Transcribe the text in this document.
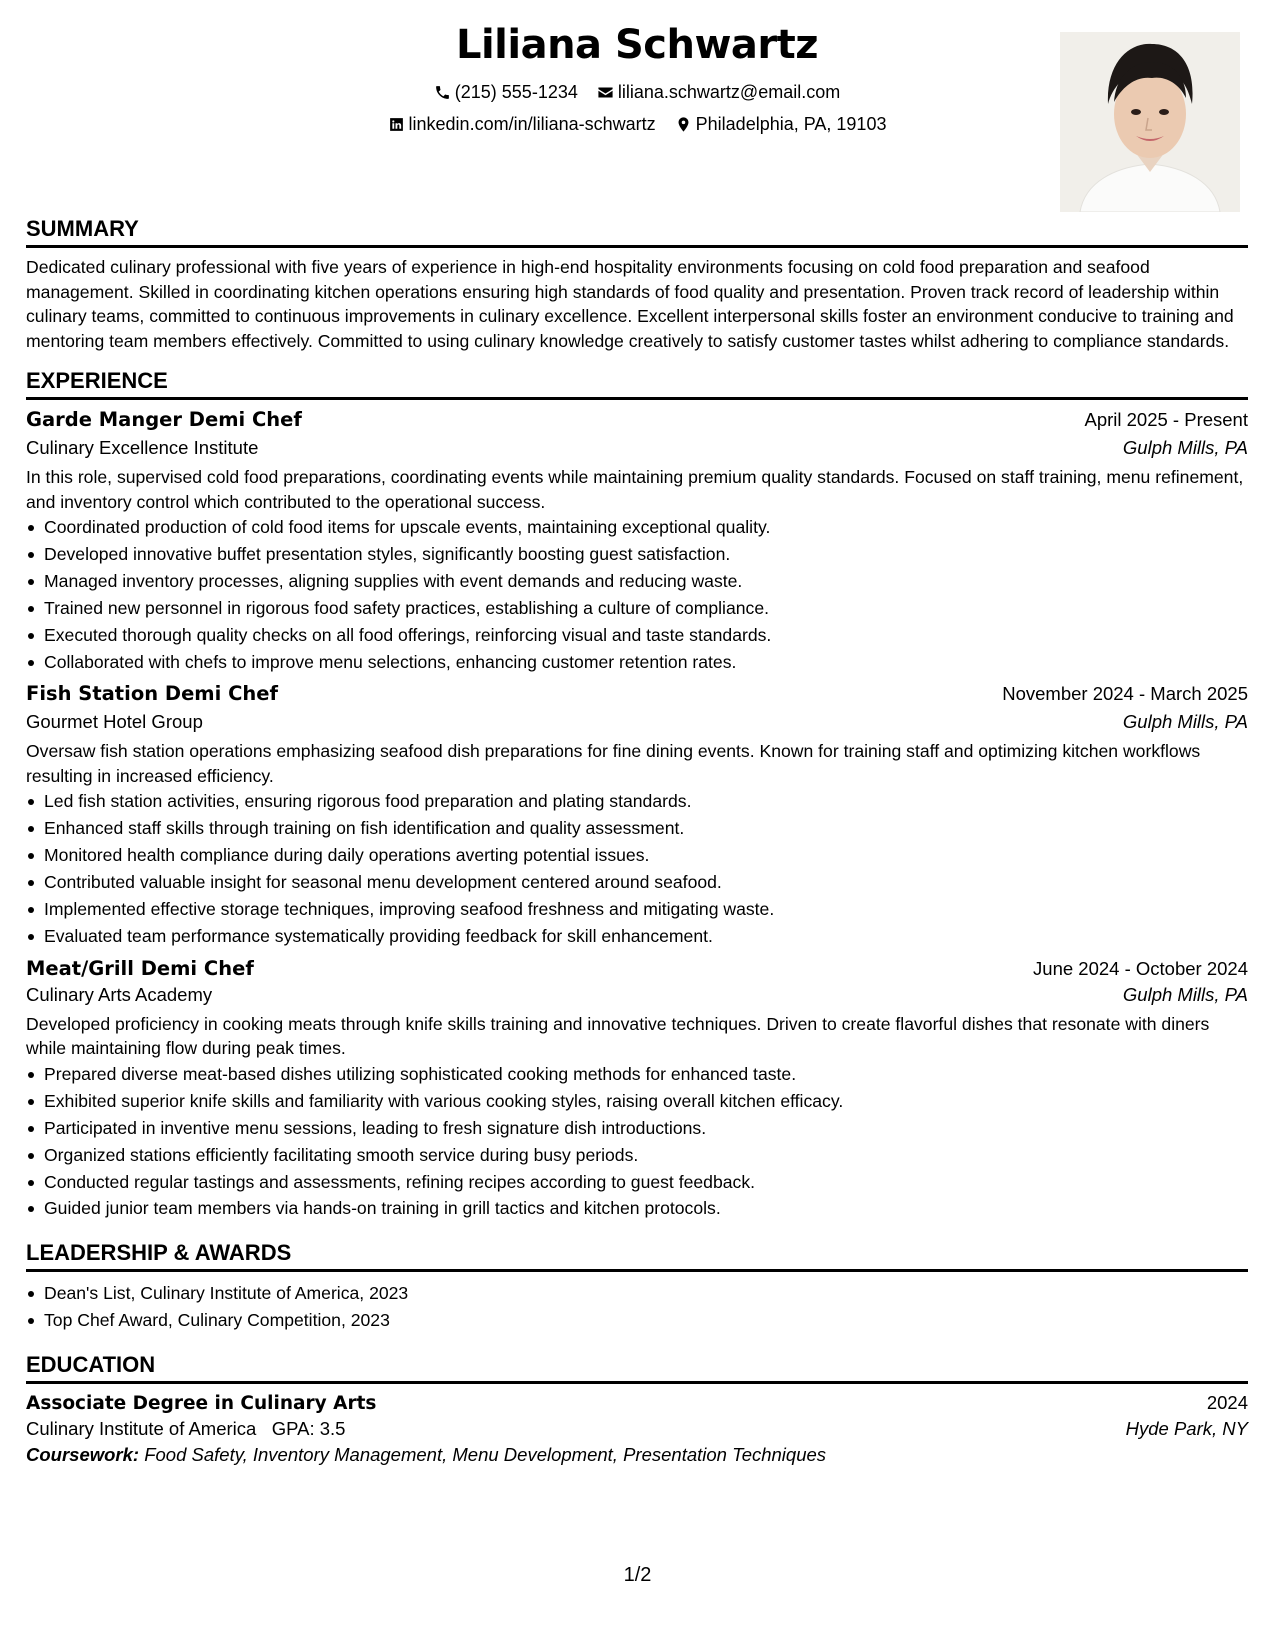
Liliana Schwartz
(215) 555-1234
liliana.schwartz@email.com
linkedin.com/in/liliana-schwartz
Philadelphia, PA, 19103
SUMMARY

Dedicated culinary professional with five years of experience in high-end hospitality environments focusing on cold food preparation and seafood management. Skilled in coordinating kitchen operations ensuring high standards of food quality and presentation. Proven track record of leadership within culinary teams, committed to continuous improvements in culinary excellence. Excellent interpersonal skills foster an environment conducive to training and mentoring team members effectively. Committed to using culinary knowledge creatively to satisfy customer tastes whilst adhering to compliance standards.

EXPERIENCE
Garde Manger Demi Chef	April 2025 - Present
Culinary Excellence Institute	Gulph Mills, PA

In this role, supervised cold food preparations, coordinating events while maintaining premium quality standards. Focused on staff training, menu refinement, and inventory control which contributed to the operational success.

Coordinated production of cold food items for upscale events, maintaining exceptional quality.
Developed innovative buffet presentation styles, significantly boosting guest satisfaction.
Managed inventory processes, aligning supplies with event demands and reducing waste.
Trained new personnel in rigorous food safety practices, establishing a culture of compliance.
Executed thorough quality checks on all food offerings, reinforcing visual and taste standards.
Collaborated with chefs to improve menu selections, enhancing customer retention rates.
Fish Station Demi Chef	November 2024 - March 2025
Gourmet Hotel Group	Gulph Mills, PA

Oversaw fish station operations emphasizing seafood dish preparations for fine dining events. Known for training staff and optimizing kitchen workflows resulting in increased efficiency.

Led fish station activities, ensuring rigorous food preparation and plating standards.
Enhanced staff skills through training on fish identification and quality assessment.
Monitored health compliance during daily operations averting potential issues.
Contributed valuable insight for seasonal menu development centered around seafood.
Implemented effective storage techniques, improving seafood freshness and mitigating waste.
Evaluated team performance systematically providing feedback for skill enhancement.
Meat/Grill Demi Chef	June 2024 - October 2024
Culinary Arts Academy	Gulph Mills, PA

Developed proficiency in cooking meats through knife skills training and innovative techniques. Driven to create flavorful dishes that resonate with diners while maintaining flow during peak times.

Prepared diverse meat-based dishes utilizing sophisticated cooking methods for enhanced taste.
Exhibited superior knife skills and familiarity with various cooking styles, raising overall kitchen efficacy.
Participated in inventive menu sessions, leading to fresh signature dish introductions.
Organized stations efficiently facilitating smooth service during busy periods.
Conducted regular tastings and assessments, refining recipes according to guest feedback.
Guided junior team members via hands-on training in grill tactics and kitchen protocols.
LEADERSHIP & AWARDS
Dean's List, Culinary Institute of America, 2023
Top Chef Award, Culinary Competition, 2023
EDUCATION
Associate Degree in Culinary Arts	2024
Culinary Institute of America GPA: 3.5	Hyde Park, NY
Coursework: Food Safety, Inventory Management, Menu Development, Presentation Techniques
1/2
